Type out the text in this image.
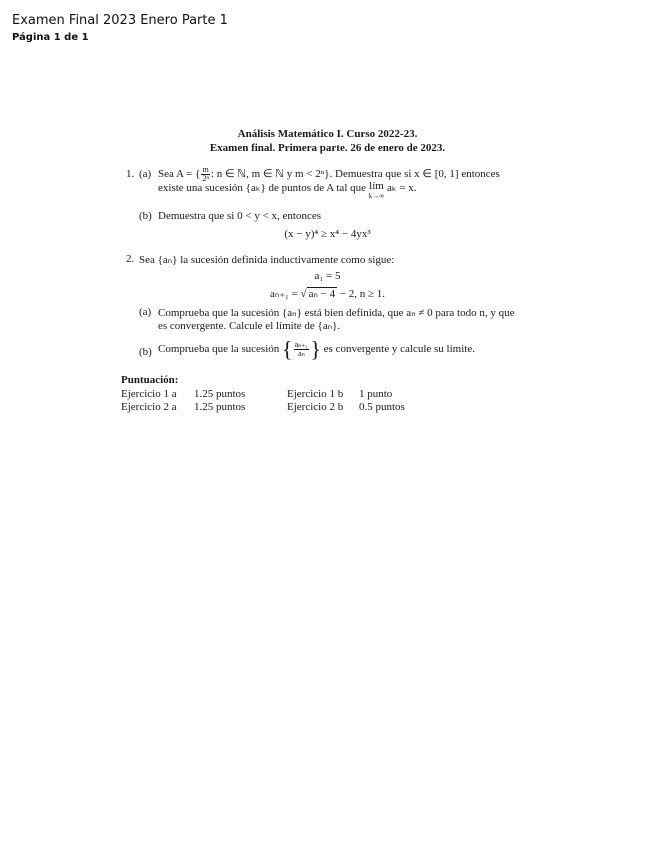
Examen Final 2023 Enero Parte 1
Página 1 de 1
Análisis Matemático I. Curso 2022-23.
Examen final. Primera parte. 26 de enero de 2023.
1. (a) Sea A = { $\frac{m}{\text{2ⁿ}}$ : n ∈ ℕ, m ∈ ℕ y m < 2ⁿ}. Demuestra que si x ∈ [0, 1] entonces
existe una sucesión {aₖ} de puntos de A tal que lím
k→∞
aₖ = x.
(b) Demuestra que si 0 < y < x, entonces
(x − y)⁴ ≥ x⁴ − 4yx³
2. Sea {aₙ} la sucesión definida inductivamente como sigue:
a₁ = 5
aₙ₊₁ = √ aₙ − 4 − 2, n ≥ 1.
(a) Comprueba que la sucesión {aₙ} está bien definida, que aₙ ≠ 0 para todo n, y que
es convergente. Calcule el límite de {aₙ}.
(b) Comprueba que la sucesión { $\frac{\text{aₙ₊₁}}{\text{aₙ}}$ } es convergente y calcule su límite.
Puntuación:
Ejercicio 1 a 1.25 puntos	Ejercicio 1 b 1 punto
Ejercicio 2 a 1.25 puntos	Ejercicio 2 b 0.5 puntos
